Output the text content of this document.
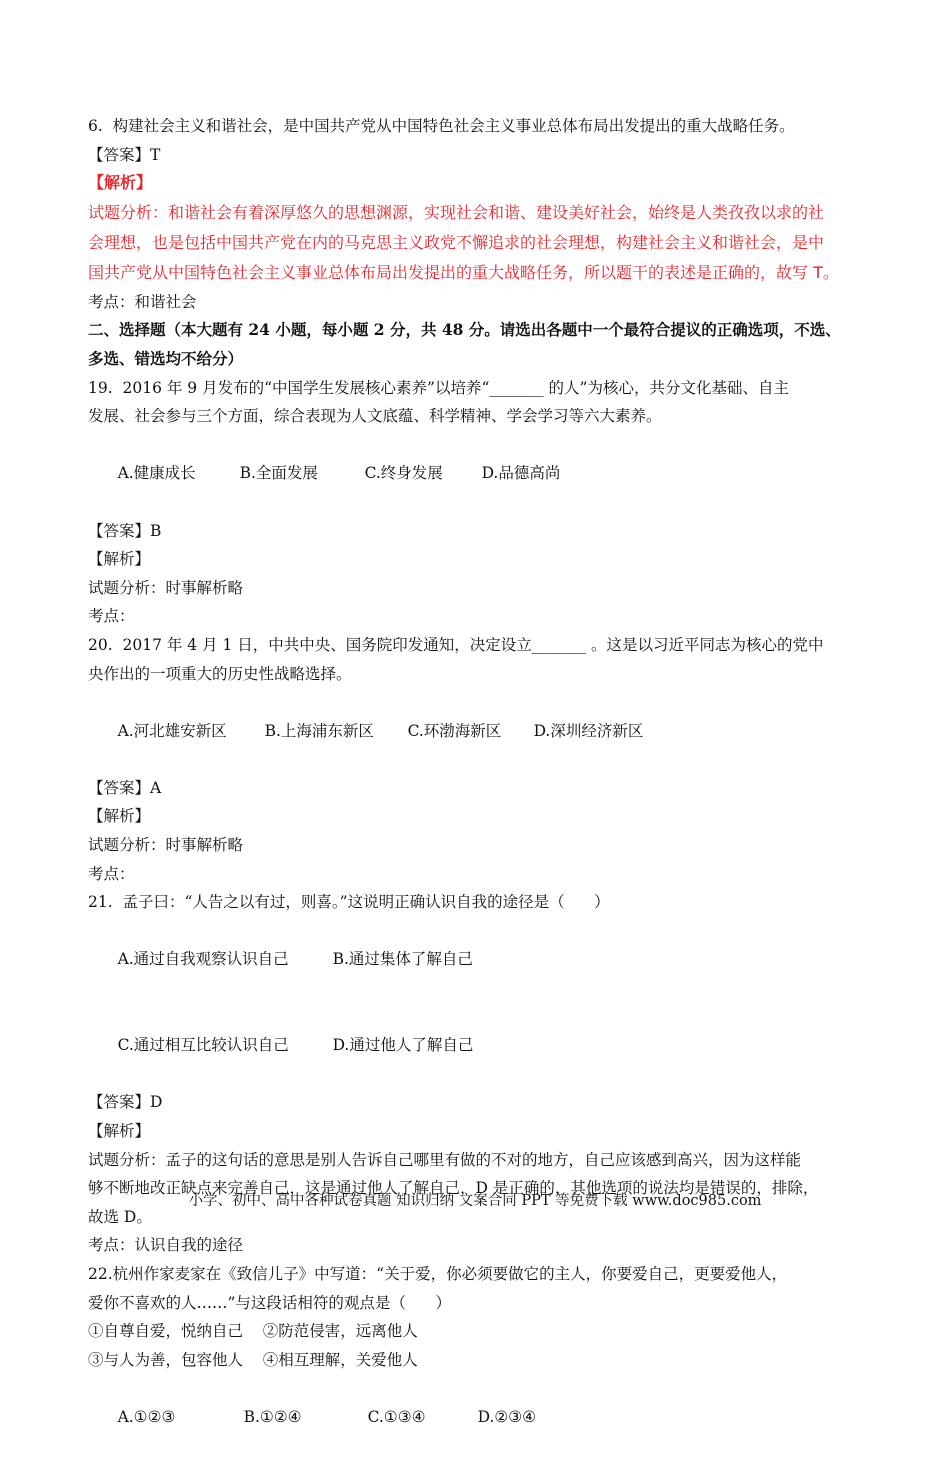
6.  构建社会主义和谐社会，是中国共产党从中国特色社会主义事业总体布局出发提出的重大战略任务。
【答案】T
【解析】
试题分析：和谐社会有着深厚悠久的思想渊源，实现社会和谐、建设美好社会，始终是人类孜孜以求的社
会理想，也是包括中国共产党在内的马克思主义政党不懈追求的社会理想，构建社会主义和谐社会，是中
国共产党从中国特色社会主义事业总体布局出发提出的重大战略任务，所以题干的表述是正确的，故写 T。
考点：和谐社会
二、选择题（本大题有 24 小题，每小题 2 分，共 48 分。请选出各题中一个最符合提议的正确选项，不选、
多选、错选均不给分）
19.  2016 年 9 月发布的“中国学生发展核心素养”以培养“_______ 的人”为核心，共分文化基础、自主
发展、社会参与三个方面，综合表现为人文底蕴、科学精神、学会学习等六大素养。

A.健康成长	B.全面发展	C.终身发展	D.品德高尚

【答案】B
【解析】
试题分析：时事解析略
考点：
20.  2017 年 4 月 1 日，中共中央、国务院印发通知，决定设立_______ 。这是以习近平同志为核心的党中
央作出的一项重大的历史性战略选择。

A.河北雄安新区 B.上海浦东新区 C.环渤海新区 D.深圳经济新区

【答案】A
【解析】
试题分析：时事解析略
考点：
21.  孟子曰：“人告之以有过，则喜。”这说明正确认识自我的途径是（      ）

A.通过自我观察认识自己	B.通过集体了解自己

C.通过相互比较认识自己	D.通过他人了解自己

【答案】D
【解析】
试题分析：孟子的这句话的意思是别人告诉自己哪里有做的不对的地方，自己应该感到高兴，因为这样能
够不断地改正缺点来完善自己，这是通过他人了解自己，D 是正确的，其他选项的说法均是错误的，排除，
故选 D。
考点：认识自我的途径
22.杭州作家麦家在《致信儿子》中写道：“关于爱，你必须要做它的主人，你要爱自己，更要爱他人，
爱你不喜欢的人……”与这段话相符的观点是（      ）
①自尊自爱，悦纳自己    ②防范侵害，远离他人
③与人为善，包容他人    ④相互理解，关爱他人

A.①②③	B.①②④	C.①③④	D.②③④

小学、初中、高中各种试卷真题 知识归纳 文案合同 PPT 等免费下载 www.doc985.com
